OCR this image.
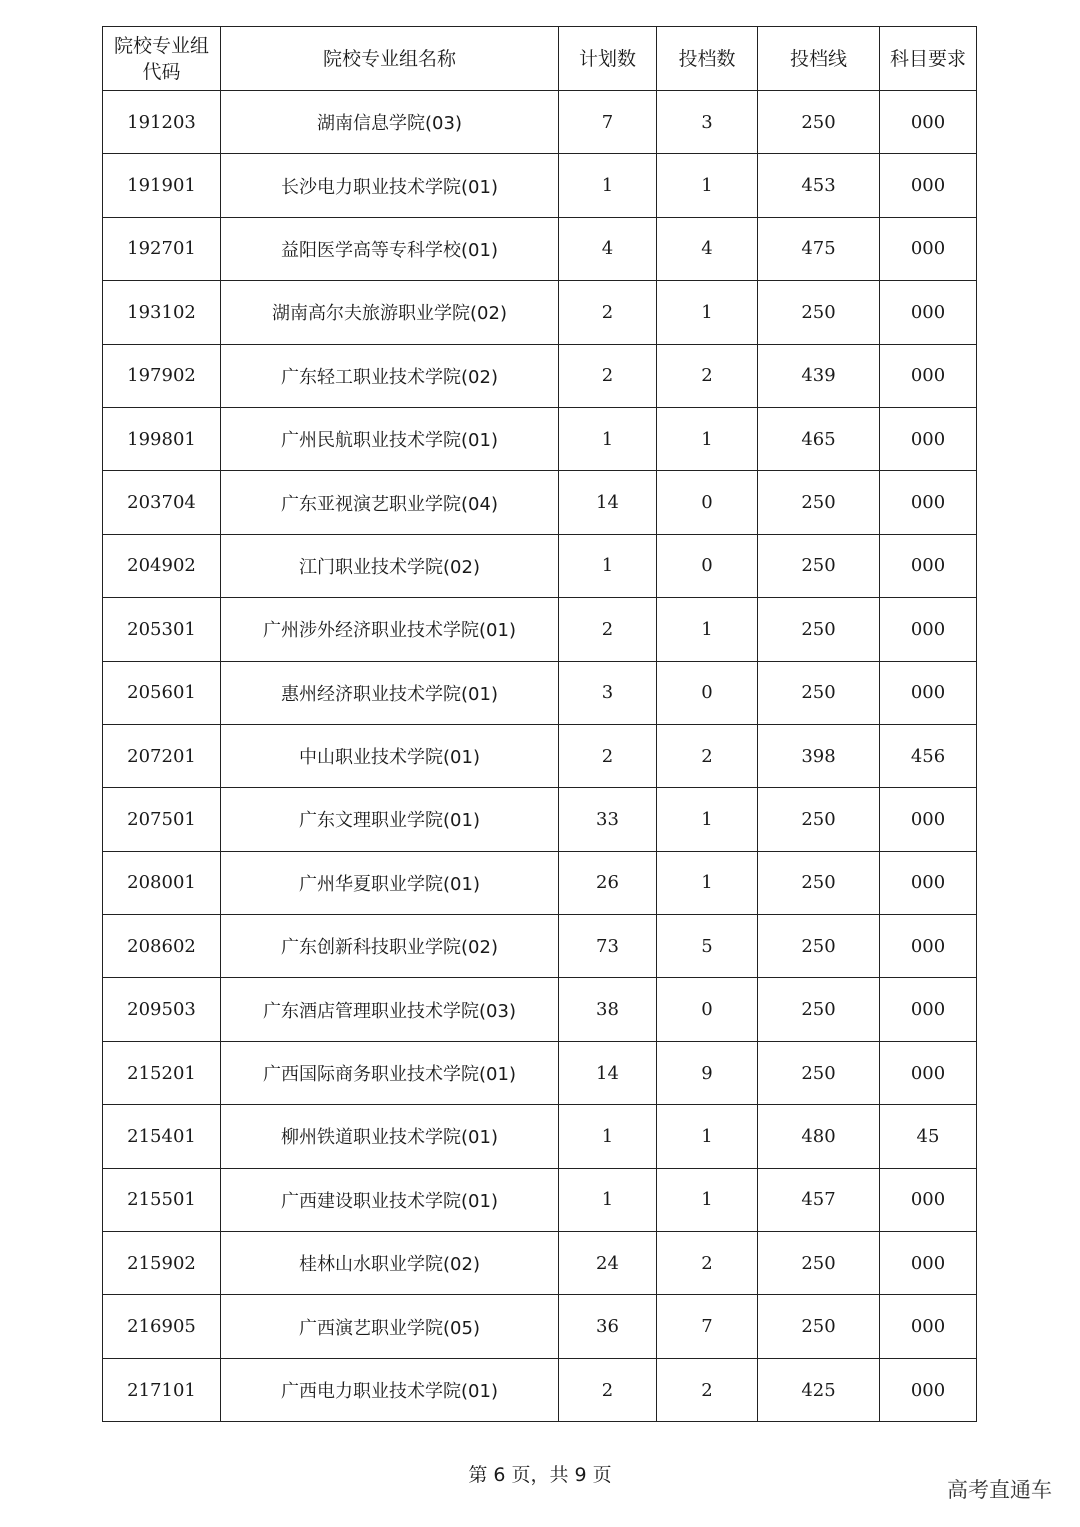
院校专业组
代码	院校专业组名称	计划数	投档数	投档线	科目要求
191203	湖南信息学院(03)	7	3	250	000
191901	长沙电力职业技术学院(01)	1	1	453	000
192701	益阳医学高等专科学校(01)	4	4	475	000
193102	湖南高尔夫旅游职业学院(02)	2	1	250	000
197902	广东轻工职业技术学院(02)	2	2	439	000
199801	广州民航职业技术学院(01)	1	1	465	000
203704	广东亚视演艺职业学院(04)	14	0	250	000
204902	江门职业技术学院(02)	1	0	250	000
205301	广州涉外经济职业技术学院(01)	2	1	250	000
205601	惠州经济职业技术学院(01)	3	0	250	000
207201	中山职业技术学院(01)	2	2	398	456
207501	广东文理职业学院(01)	33	1	250	000
208001	广州华夏职业学院(01)	26	1	250	000
208602	广东创新科技职业学院(02)	73	5	250	000
209503	广东酒店管理职业技术学院(03)	38	0	250	000
215201	广西国际商务职业技术学院(01)	14	9	250	000
215401	柳州铁道职业技术学院(01)	1	1	480	45
215501	广西建设职业技术学院(01)	1	1	457	000
215902	桂林山水职业学院(02)	24	2	250	000
216905	广西演艺职业学院(05)	36	7	250	000
217101	广西电力职业技术学院(01)	2	2	425	000
第 6 页，共 9 页
高考直通车
